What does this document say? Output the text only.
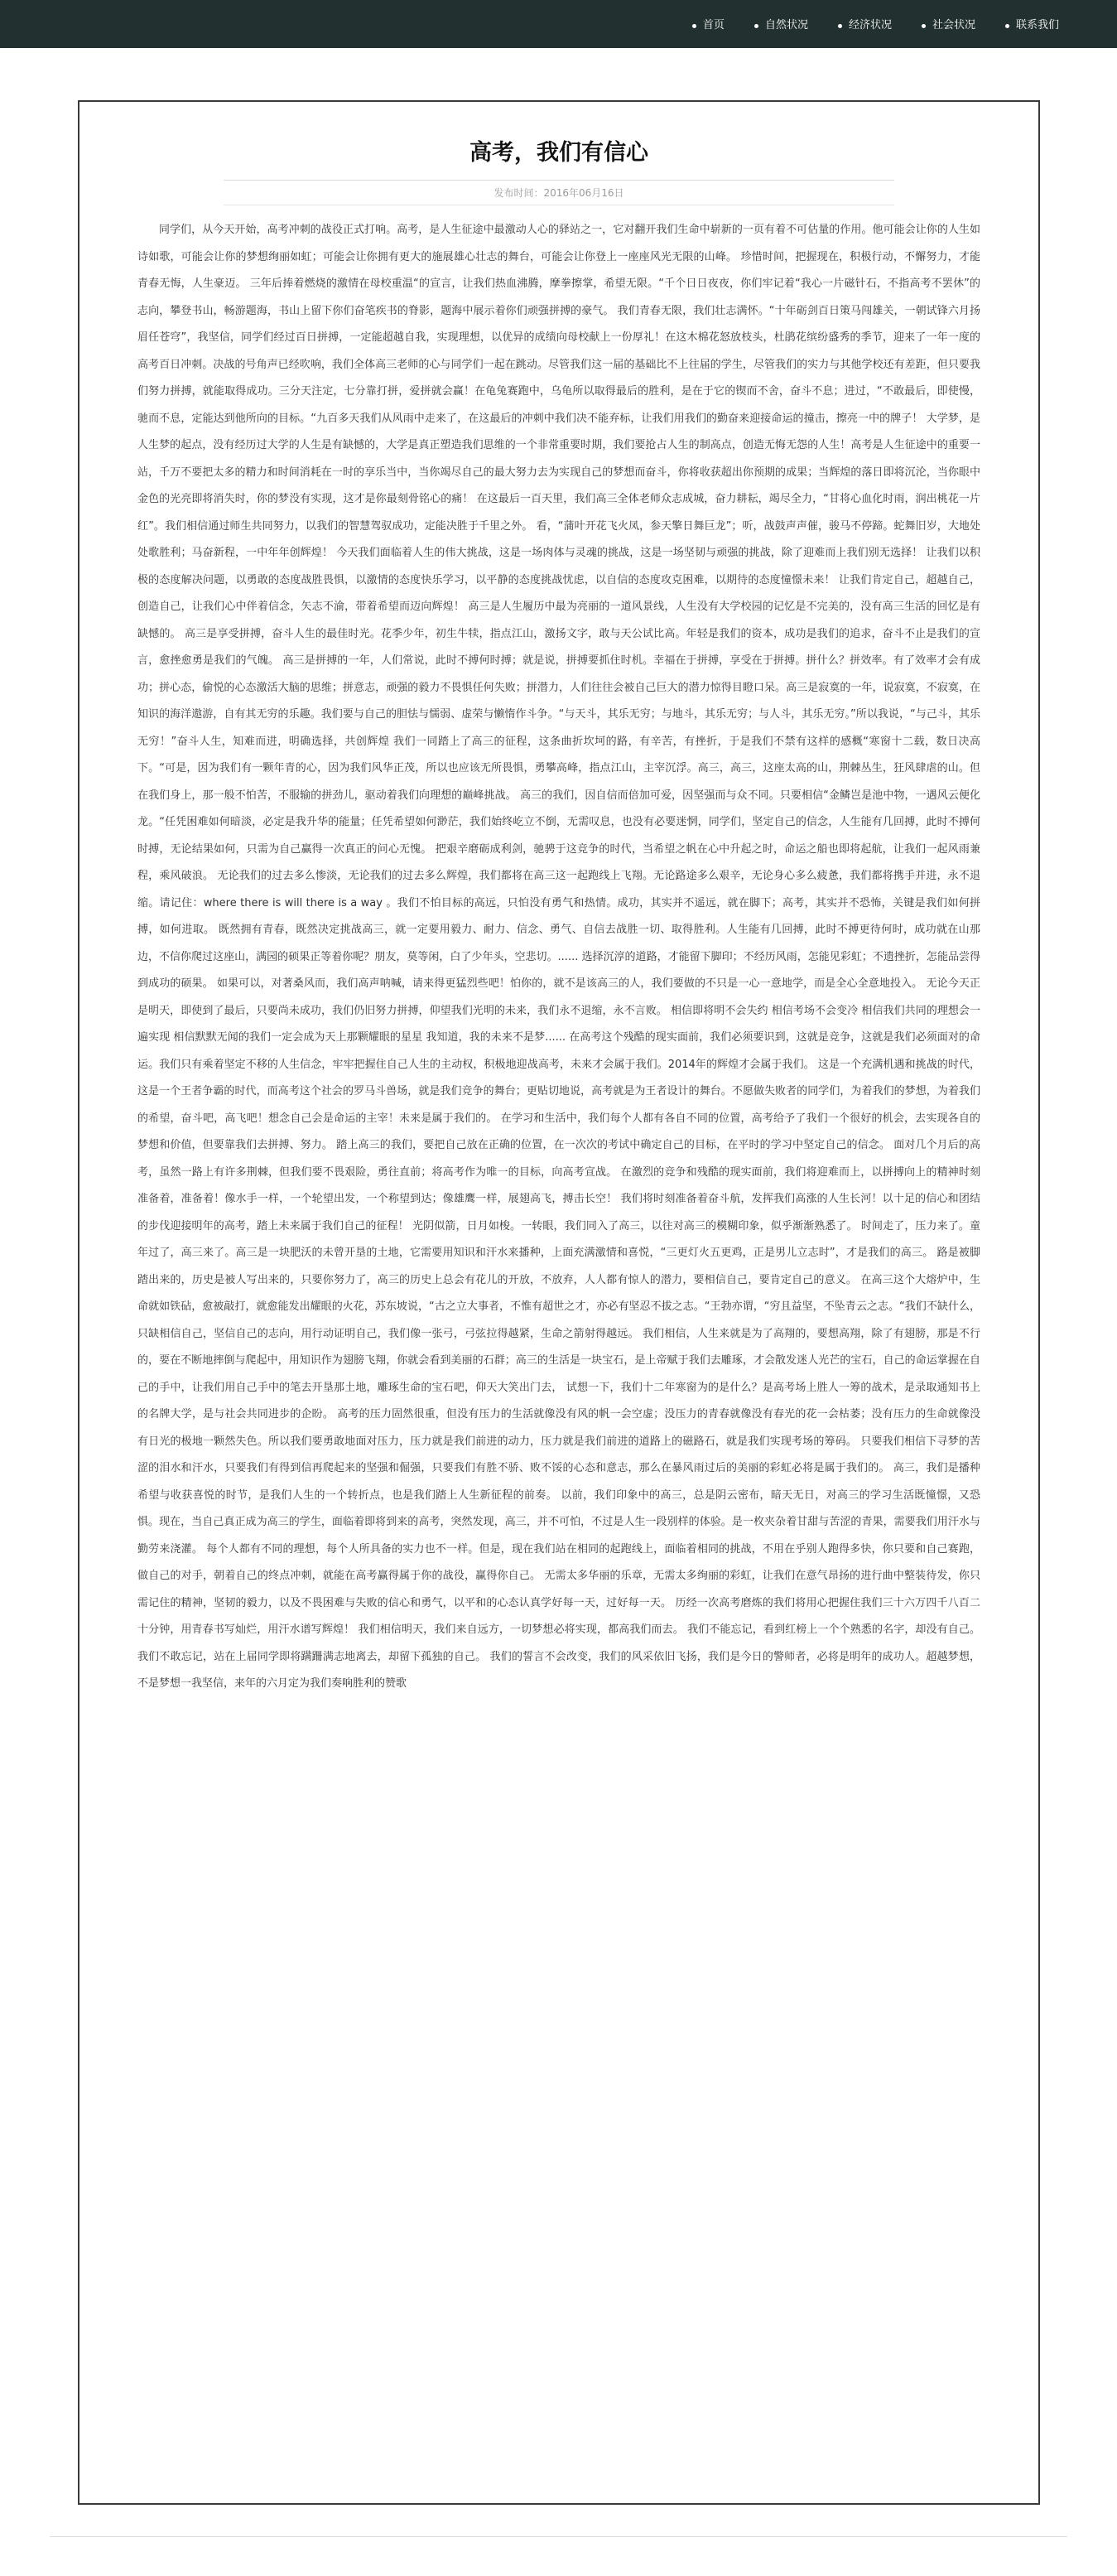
首页	自然状况	经济状况	社会状况	联系我们
高考，我们有信心
发布时间：2016年06月16日

同学们，从今天开始，高考冲刺的战役正式打响。高考，是人生征途中最激动人心的驿站之一，它对翻开我们生命中崭新的一页有着不可估量的作用。他可能会让你的人生如诗如歌，可能会让你的梦想绚丽如虹；可能会让你拥有更大的施展雄心壮志的舞台，可能会让你登上一座座风光无限的山峰。 珍惜时间，把握现在，积极行动，不懈努力，才能青春无悔，人生豪迈。 三年后捧着燃烧的激情在母校重温“的宣言，让我们热血沸腾，摩拳擦掌，希望无限。“千个日日夜夜，你们牢记着“我心一片磁针石，不指高考不罢休”的志向，攀登书山，畅游题海，书山上留下你们奋笔疾书的脊影，题海中展示着你们顽强拼搏的豪气。 我们青春无限，我们壮志满怀。“十年砺剑百日策马闯雄关，一朝试锋六月扬眉任苍穹”，我坚信，同学们经过百日拼搏，一定能超越自我，实现理想，以优异的成绩向母校献上一份厚礼！在这木棉花怒放枝头，杜鹃花缤纷盛秀的季节，迎来了一年一度的高考百日冲刺。决战的号角声已经吹响，我们全体高三老师的心与同学们一起在跳动。尽管我们这一届的基础比不上往届的学生，尽管我们的实力与其他学校还有差距，但只要我们努力拼搏，就能取得成功。三分天注定，七分靠打拼，爱拼就会赢！在龟兔赛跑中，乌龟所以取得最后的胜利，是在于它的锲而不舍，奋斗不息；进过，“不敢最后，即使慢，驰而不息，定能达到他所向的目标。“九百多天我们从风雨中走来了，在这最后的冲刺中我们决不能弃标，让我们用我们的勤奋来迎接命运的撞击，擦亮一中的牌子！ 大学梦，是人生梦的起点，没有经历过大学的人生是有缺憾的，大学是真正塑造我们思维的一个非常重要时期，我们要抢占人生的制高点，创造无悔无怨的人生！高考是人生征途中的重要一站，千万不要把太多的精力和时间消耗在一时的享乐当中，当你竭尽自己的最大努力去为实现自己的梦想而奋斗，你将收获超出你预期的成果；当辉煌的落日即将沉沦，当你眼中金色的光亮即将消失时，你的梦没有实现，这才是你最刻骨铭心的痛！ 在这最后一百天里，我们高三全体老师众志成城，奋力耕耘，竭尽全力，“甘将心血化时雨，润出桃花一片红”。我们相信通过师生共同努力，以我们的智慧驾驭成功，定能决胜于千里之外。 看，“蒲叶开花飞火凤，参天擎日舞巨龙”；听，战鼓声声催，骏马不停蹄。蛇舞旧岁，大地处处歌胜利；马奋新程，一中年年创辉煌！ 今天我们面临着人生的伟大挑战，这是一场肉体与灵魂的挑战，这是一场坚韧与顽强的挑战，除了迎难而上我们别无选择！ 让我们以积极的态度解决问题，以勇敢的态度战胜畏惧，以激情的态度快乐学习，以平静的态度挑战忧虑，以自信的态度攻克困难，以期待的态度憧憬未来！ 让我们肯定自己，超越自己，创造自己，让我们心中伴着信念，矢志不渝，带着希望而迈向辉煌！ 高三是人生履历中最为亮丽的一道风景线，人生没有大学校园的记忆是不完美的，没有高三生活的回忆是有缺憾的。 高三是享受拼搏，奋斗人生的最佳时光。花季少年，初生牛犊，指点江山，激扬文字，敢与天公试比高。年轻是我们的资本，成功是我们的追求，奋斗不止是我们的宣言，愈挫愈勇是我们的气魄。 高三是拼搏的一年，人们常说，此时不搏何时搏；就是说，拼搏要抓住时机。幸福在于拼搏，享受在于拼搏。拼什么？拼效率。有了效率才会有成功；拼心态，偷悦的心态激活大脑的思维；拼意志，顽强的毅力不畏惧任何失败；拼潜力，人们往往会被自己巨大的潜力惊得目瞪口呆。高三是寂寞的一年，说寂寞，不寂寞，在知识的海洋遨游，自有其无穷的乐趣。我们要与自己的胆怯与懦弱、虚荣与懒惰作斗争。“与天斗，其乐无穷；与地斗，其乐无穷；与人斗，其乐无穷。”所以我说，“与己斗，其乐无穷！”奋斗人生，知难而进，明确选择，共创辉煌 我们一同踏上了高三的征程，这条曲折坎坷的路，有辛苦，有挫折，于是我们不禁有这样的感概“寒窗十二载，数日决高下。“可是，因为我们有一颗年青的心，因为我们风华正茂，所以也应该无所畏惧，勇攀高峰，指点江山，主宰沉浮。高三，高三，这座太高的山，荆棘丛生，狂风肆虐的山。但在我们身上，那一般不怕苦，不服输的拼劲儿，驱动着我们向理想的巅峰挑战。 高三的我们，因自信而倍加可爱，因坚强而与众不同。只要相信“金鳞岂是池中物，一遇风云便化龙。“任凭困难如何暗淡，必定是我升华的能量；任凭希望如何渺茫，我们始终屹立不倒，无需叹息，也没有必要迷惘，同学们，坚定自己的信念，人生能有几回搏，此时不搏何时搏，无论结果如何，只需为自己赢得一次真正的问心无愧。 把艰辛磨砺成利剑，驰骋于这竞争的时代，当希望之帆在心中升起之时，命运之船也即将起航，让我们一起风雨兼程，乘风破浪。 无论我们的过去多么惨淡，无论我们的过去多么辉煌，我们都将在高三这一起跑线上飞翔。无论路途多么艰辛，无论身心多么疲惫，我们都将携手并进，永不退缩。请记住：where there is will there is a way 。我们不怕目标的高远，只怕没有勇气和热情。成功，其实并不遥远，就在脚下；高考，其实并不恐怖，关键是我们如何拼搏，如何进取。 既然拥有青春，既然决定挑战高三，就一定要用毅力、耐力、信念、勇气、自信去战胜一切、取得胜利。人生能有几回搏，此时不搏更待何时，成功就在山那边，不信你爬过这座山，满园的硕果正等着你呢？朋友，莫等闲，白了少年头，空悲切。...... 选择沉淳的道路，才能留下脚印；不经历风雨，怎能见彩虹；不遗挫折，怎能品尝得到成功的硕果。 如果可以，对著桑风而，我们高声呐喊，请来得更猛烈些吧！怕你的，就不是该高三的人，我们要做的不只是一心一意地学，而是全心全意地投入。 无论今天正是明天，即使到了最后，只要尚未成功，我们仍旧努力拼搏，仰望我们光明的未来，我们永不退缩，永不言败。 相信即将明不会失约 相信考场不会变冷 相信我们共同的理想会一遍实现 相信默默无闻的我们一定会成为天上那颗耀眼的星星 我知道，我的未来不是梦...... 在高考这个残酷的现实面前，我们必须要识到，这就是竞争，这就是我们必须面对的命运。我们只有乘着坚定不移的人生信念，牢牢把握住自己人生的主动权，积极地迎战高考，未来才会属于我们。2014年的辉煌才会属于我们。 这是一个充满机遇和挑战的时代，这是一个王者争霸的时代，而高考这个社会的罗马斗兽场，就是我们竞争的舞台；更贴切地说，高考就是为王者设计的舞台。不愿做失败者的同学们，为着我们的梦想，为着我们的希望，奋斗吧，高飞吧！想念自己会是命运的主宰！未来是属于我们的。 在学习和生活中，我们每个人都有各自不同的位置，高考给予了我们一个很好的机会，去实现各自的梦想和价值，但要靠我们去拼搏、努力。 踏上高三的我们，要把自己放在正确的位置，在一次次的考试中确定自己的目标，在平时的学习中坚定自己的信念。 面对几个月后的高考，虽然一路上有许多荆棘，但我们要不畏艰险，勇往直前；将高考作为唯一的目标，向高考宣战。 在激烈的竞争和残酷的现实面前，我们将迎难而上，以拼搏向上的精神时刻准备着，准备着！像水手一样，一个轮望出发，一个称望到达；像雄鹰一样，展翅高飞，搏击长空！ 我们将时刻准备着奋斗航，发挥我们高涨的人生长河！以十足的信心和团结的步伐迎接明年的高考，踏上未来属于我们自己的征程！ 光阴似箭，日月如梭。一转眼，我们同入了高三，以往对高三的模糊印象，似乎渐渐熟悉了。 时间走了，压力来了。童年过了，高三来了。高三是一块肥沃的未曾开垦的土地，它需要用知识和汗水来播种，上面充满激情和喜悦，“三更灯火五更鸡，正是男儿立志时”，才是我们的高三。 路是被脚踏出来的，历史是被人写出来的，只要你努力了，高三的历史上总会有花儿的开放，不放弃，人人都有惊人的潜力，要相信自己，要肯定自己的意义。 在高三这个大熔炉中，生命就如铁砧，愈被敲打，就愈能发出耀眼的火花，苏东坡说，“古之立大事者，不惟有超世之才，亦必有坚忍不拔之志。“王勃亦谓，“穷且益坚，不坠青云之志。“我们不缺什么，只缺相信自己，坚信自己的志向，用行动证明自己，我们像一张弓，弓弦拉得越紧，生命之箭射得越远。 我们相信，人生来就是为了高翔的，要想高翔，除了有翅膀，那是不行的，要在不断地摔倒与爬起中，用知识作为翅膀飞翔，你就会看到美丽的石群；高三的生活是一块宝石，是上帝赋于我们去雕琢，才会散发迷人光芒的宝石，自己的命运掌握在自己的手中，让我们用自己手中的笔去开垦那土地，雕琢生命的宝石吧，仰天大笑出门去， 试想一下，我们十二年寒窗为的是什么？是高考场上胜人一筹的战术，是录取通知书上的名牌大学，是与社会共同进步的企盼。 高考的压力固然很重，但没有压力的生活就像没有风的帆一会空虚；没压力的青春就像没有春光的花一会枯萎；没有压力的生命就像没有日光的极地一颗然失色。所以我们要勇敢地面对压力，压力就是我们前进的动力，压力就是我们前进的道路上的磁路石，就是我们实现考场的筹码。 只要我们相信下寻梦的苦涩的泪水和汗水，只要我们有得到信再爬起来的坚强和倔强，只要我们有胜不骄、败不馁的心态和意志，那么在暴风雨过后的美丽的彩虹必将是属于我们的。 高三，我们是播种希望与收获喜悦的时节，是我们人生的一个转折点，也是我们踏上人生新征程的前奏。 以前，我们印象中的高三，总是阴云密布，暗天无日，对高三的学习生活既憧憬，又恐惧。现在，当自己真正成为高三的学生，面临着即将到来的高考，突然发现，高三，并不可怕，不过是人生一段别样的体验。是一枚夹杂着甘甜与苦涩的青果，需要我们用汗水与勤劳来浇灌。 每个人都有不同的理想，每个人所具备的实力也不一样。但是，现在我们站在相同的起跑线上，面临着相同的挑战，不用在乎别人跑得多快，你只要和自己赛跑，做自己的对手，朝着自己的终点冲刺，就能在高考赢得属于你的战役，赢得你自己。 无需太多华丽的乐章，无需太多绚丽的彩虹，让我们在意气昂扬的进行曲中整装待发，你只需记住的精神，坚韧的毅力，以及不畏困难与失败的信心和勇气，以平和的心态认真学好每一天，过好每一天。 历经一次高考磨炼的我们将用心把握住我们三十六万四千八百二十分钟，用青春书写灿烂，用汗水谱写辉煌！ 我们相信明天，我们来自远方，一切梦想必将实现，都高我们而去。 我们不能忘记，看到红榜上一个个熟悉的名字，却没有自己。 我们不敢忘记，站在上届同学即将蹒跚满志地离去，却留下孤独的自己。 我们的誓言不会改变，我们的风采依旧飞扬，我们是今日的警师者，必将是明年的成功人。超越梦想，不是梦想一我坚信，来年的六月定为我们奏响胜利的赞歌
